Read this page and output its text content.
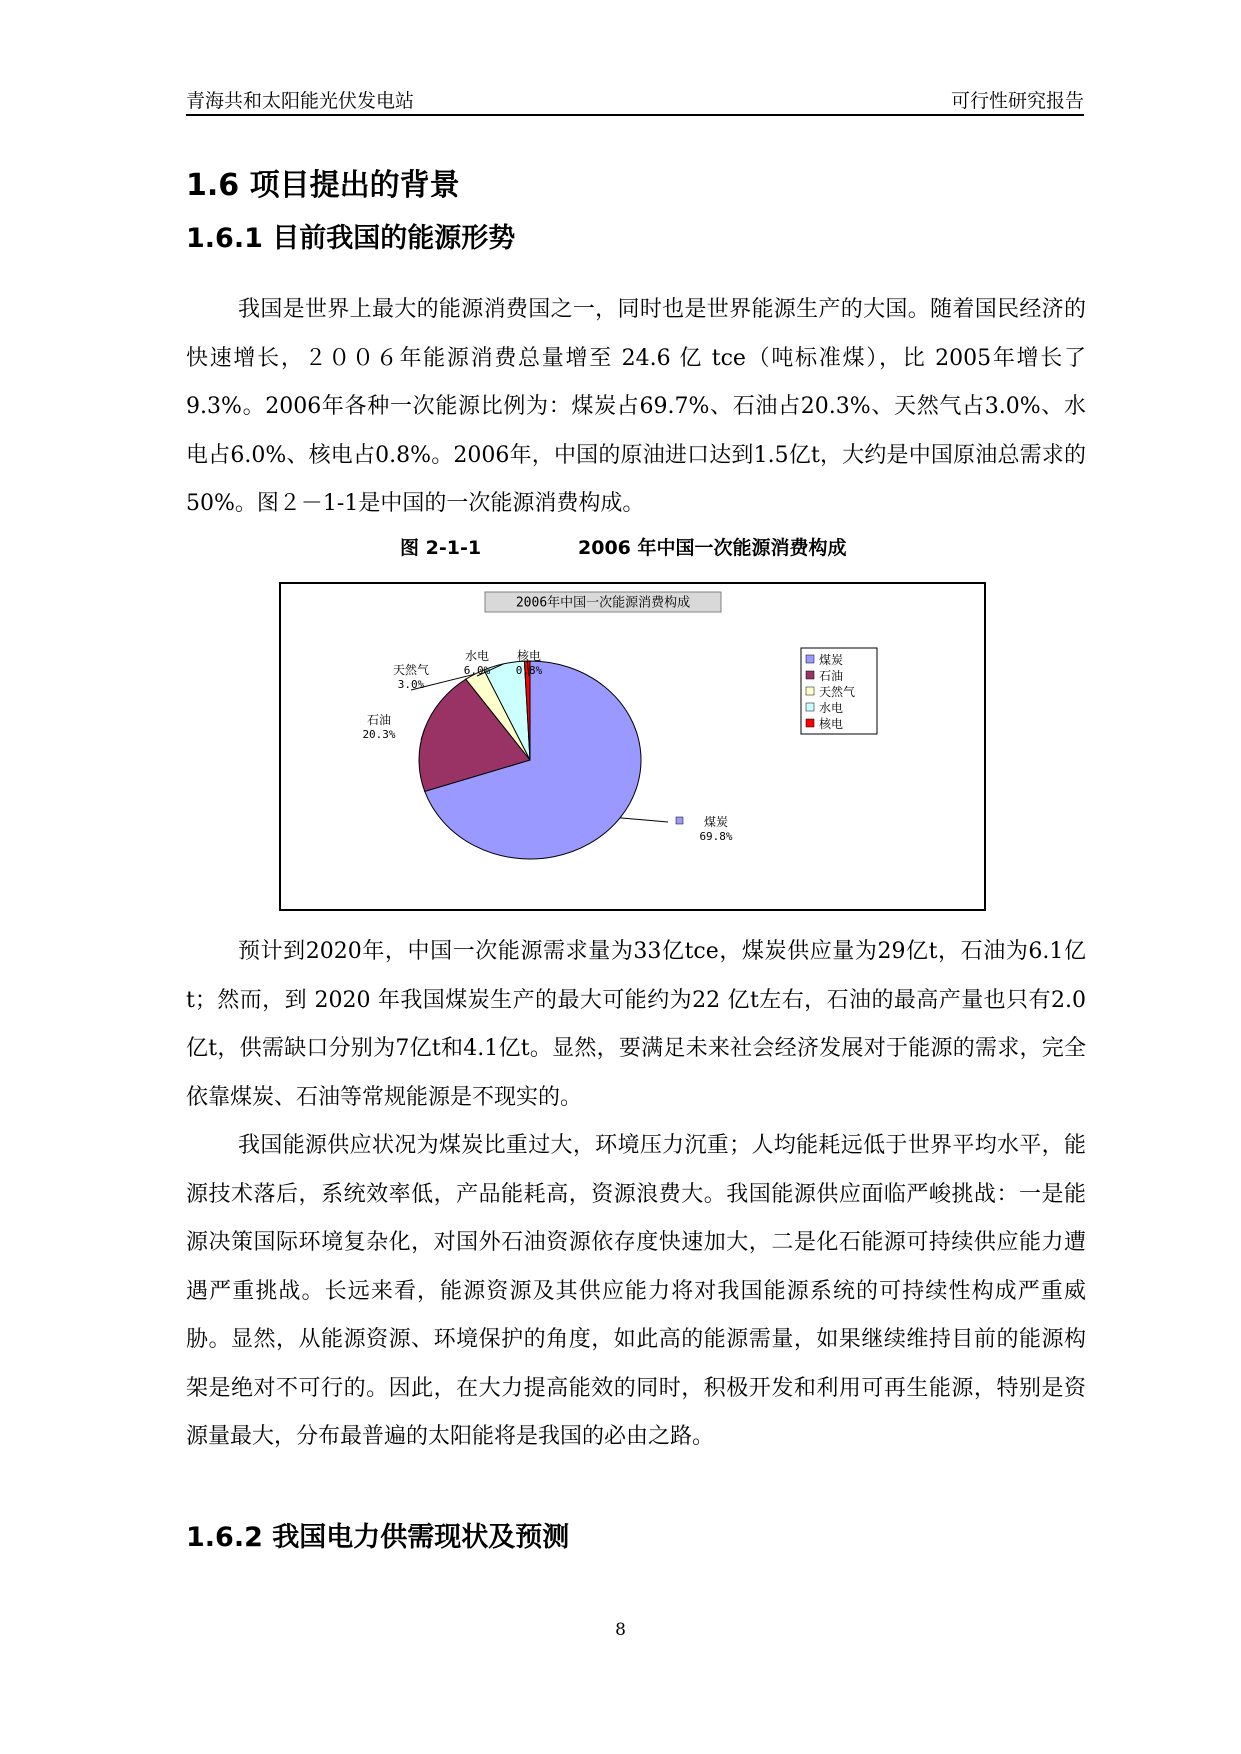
青海共和太阳能光伏发电站	可行性研究报告
1.6 项目提出的背景
1.6.1 目前我国的能源形势

我国是世界上最大的能源消费国之一，同时也是世界能源生产的大国。随着国民经济的快速增长，２００６年能源消费总量增至 24.6 亿 tce（吨标准煤），比 2005年增长了 9.3%。2006年各种一次能源比例为：煤炭占69.7%、石油占20.3%、天然气占3.0%、水电占6.0%、核电占0.8%。2006年，中国的原油进口达到1.5亿t，大约是中国原油总需求的50%。图２－1-1是中国的一次能源消费构成。

图 2-1-1	2006 年中国一次能源消费构成
2006年中国一次能源消费构成
煤炭
69.8%
石油
20.3%
天然气
3.0%
水电
6.0%
核电
0.8%
煤炭
石油
天然气
水电
核电

预计到2020年，中国一次能源需求量为33亿tce，煤炭供应量为29亿t，石油为6.1亿t；然而，到 2020 年我国煤炭生产的最大可能约为22 亿t左右，石油的最高产量也只有2.0亿t，供需缺口分别为7亿t和4.1亿t。显然，要满足未来社会经济发展对于能源的需求，完全依靠煤炭、石油等常规能源是不现实的。

我国能源供应状况为煤炭比重过大，环境压力沉重；人均能耗远低于世界平均水平，能源技术落后，系统效率低，产品能耗高，资源浪费大。我国能源供应面临严峻挑战：一是能源决策国际环境复杂化，对国外石油资源依存度快速加大，二是化石能源可持续供应能力遭遇严重挑战。长远来看，能源资源及其供应能力将对我国能源系统的可持续性构成严重威胁。显然，从能源资源、环境保护的角度，如此高的能源需量，如果继续维持目前的能源构架是绝对不可行的。因此，在大力提高能效的同时，积极开发和利用可再生能源，特别是资源量最大，分布最普遍的太阳能将是我国的必由之路。

1.6.2 我国电力供需现状及预测
8
